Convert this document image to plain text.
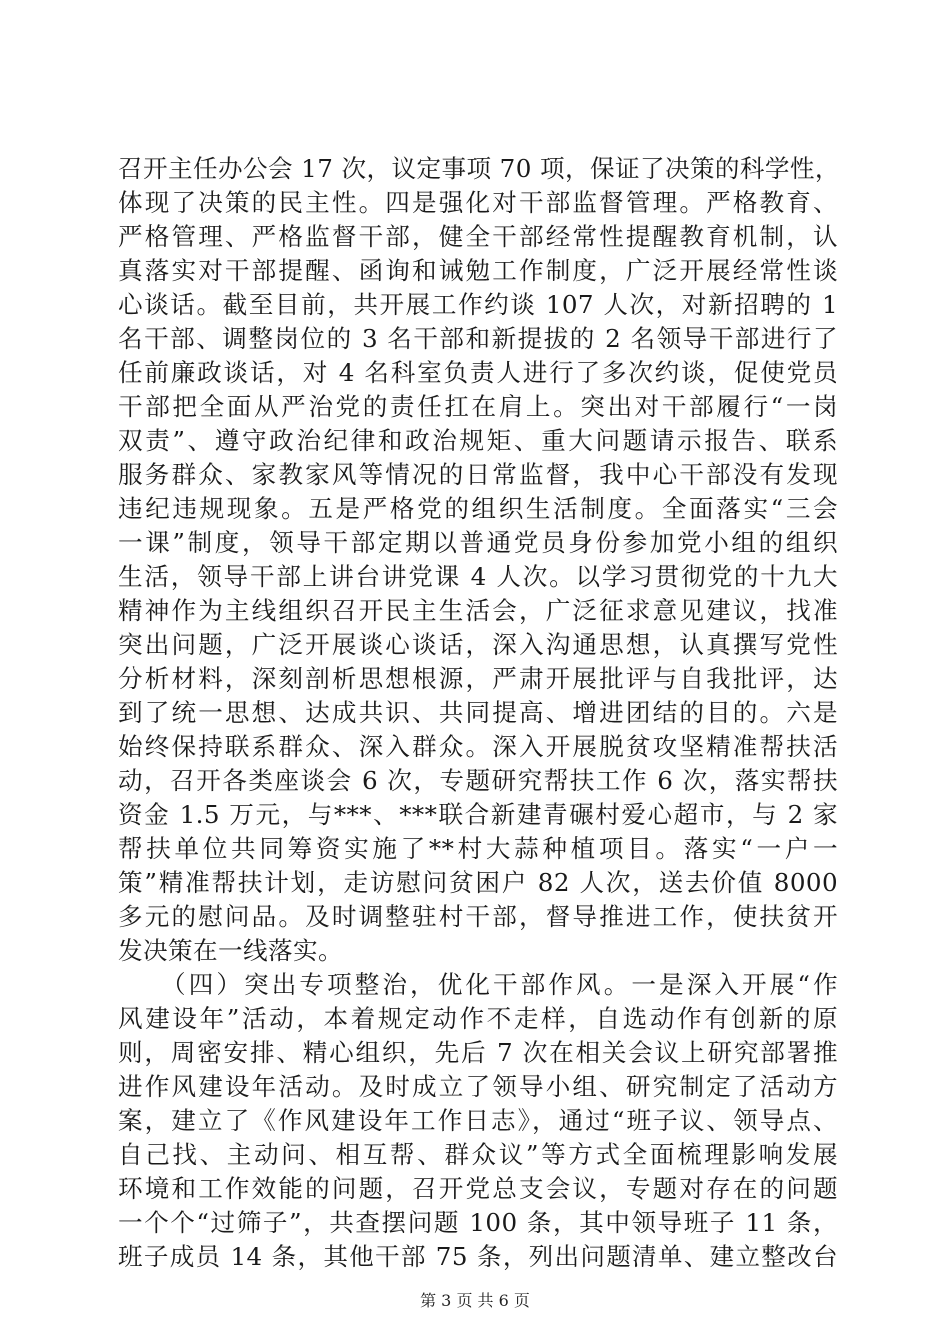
召开主任办公会 17 次，议定事项 70 项，保证了决策的科学性，
体现了决策的民主性。四是强化对干部监督管理。严格教育、
严格管理、严格监督干部，健全干部经常性提醒教育机制，认
真落实对干部提醒、函询和诫勉工作制度，广泛开展经常性谈
心谈话。截至目前，共开展工作约谈 107 人次，对新招聘的 1
名干部、调整岗位的 3 名干部和新提拔的 2 名领导干部进行了
任前廉政谈话，对 4 名科室负责人进行了多次约谈，促使党员
干部把全面从严治党的责任扛在肩上。突出对干部履行“一岗
双责”、遵守政治纪律和政治规矩、重大问题请示报告、联系
服务群众、家教家风等情况的日常监督，我中心干部没有发现
违纪违规现象。五是严格党的组织生活制度。全面落实“三会
一课”制度，领导干部定期以普通党员身份参加党小组的组织
生活，领导干部上讲台讲党课 4 人次。以学习贯彻党的十九大
精神作为主线组织召开民主生活会，广泛征求意见建议，找准
突出问题，广泛开展谈心谈话，深入沟通思想，认真撰写党性
分析材料，深刻剖析思想根源，严肃开展批评与自我批评，达
到了统一思想、达成共识、共同提高、增进团结的目的。六是
始终保持联系群众、深入群众。深入开展脱贫攻坚精准帮扶活
动，召开各类座谈会 6 次，专题研究帮扶工作 6 次，落实帮扶
资金 1.5 万元，与***、***联合新建青碾村爱心超市，与 2 家
帮扶单位共同筹资实施了**村大蒜种植项目。落实“一户一
策”精准帮扶计划，走访慰问贫困户 82 人次，送去价值 8000
多元的慰问品。及时调整驻村干部，督导推进工作，使扶贫开
发决策在一线落实。
　　（四）突出专项整治，优化干部作风。一是深入开展“作
风建设年”活动，本着规定动作不走样，自选动作有创新的原
则，周密安排、精心组织，先后 7 次在相关会议上研究部署推
进作风建设年活动。及时成立了领导小组、研究制定了活动方
案，建立了《作风建设年工作日志》，通过“班子议、领导点、
自己找、主动问、相互帮、群众议”等方式全面梳理影响发展
环境和工作效能的问题，召开党总支会议，专题对存在的问题
一个个“过筛子”，共查摆问题 100 条，其中领导班子 11 条，
班子成员 14 条，其他干部 75 条，列出问题清单、建立整改台
第 3 页 共 6 页
